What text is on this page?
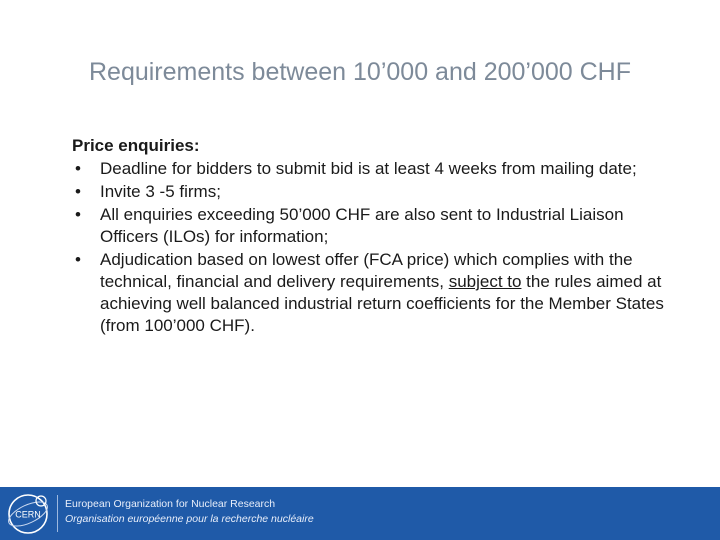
Requirements between 10’000 and 200’000 CHF
Price enquiries:
• Deadline for bidders to submit bid is at least 4 weeks from mailing date;
• Invite 3 -5 firms;
• All enquiries exceeding 50’000 CHF are also sent to Industrial Liaison Officers (ILOs) for information;
• Adjudication based on lowest offer (FCA price) which complies with the technical, financial and delivery requirements, subject to the rules aimed at achieving well balanced industrial return coefficients for the Member States (from 100’000 CHF).
CERN
European Organization for Nuclear Research
Organisation européenne pour la recherche nucléaire
